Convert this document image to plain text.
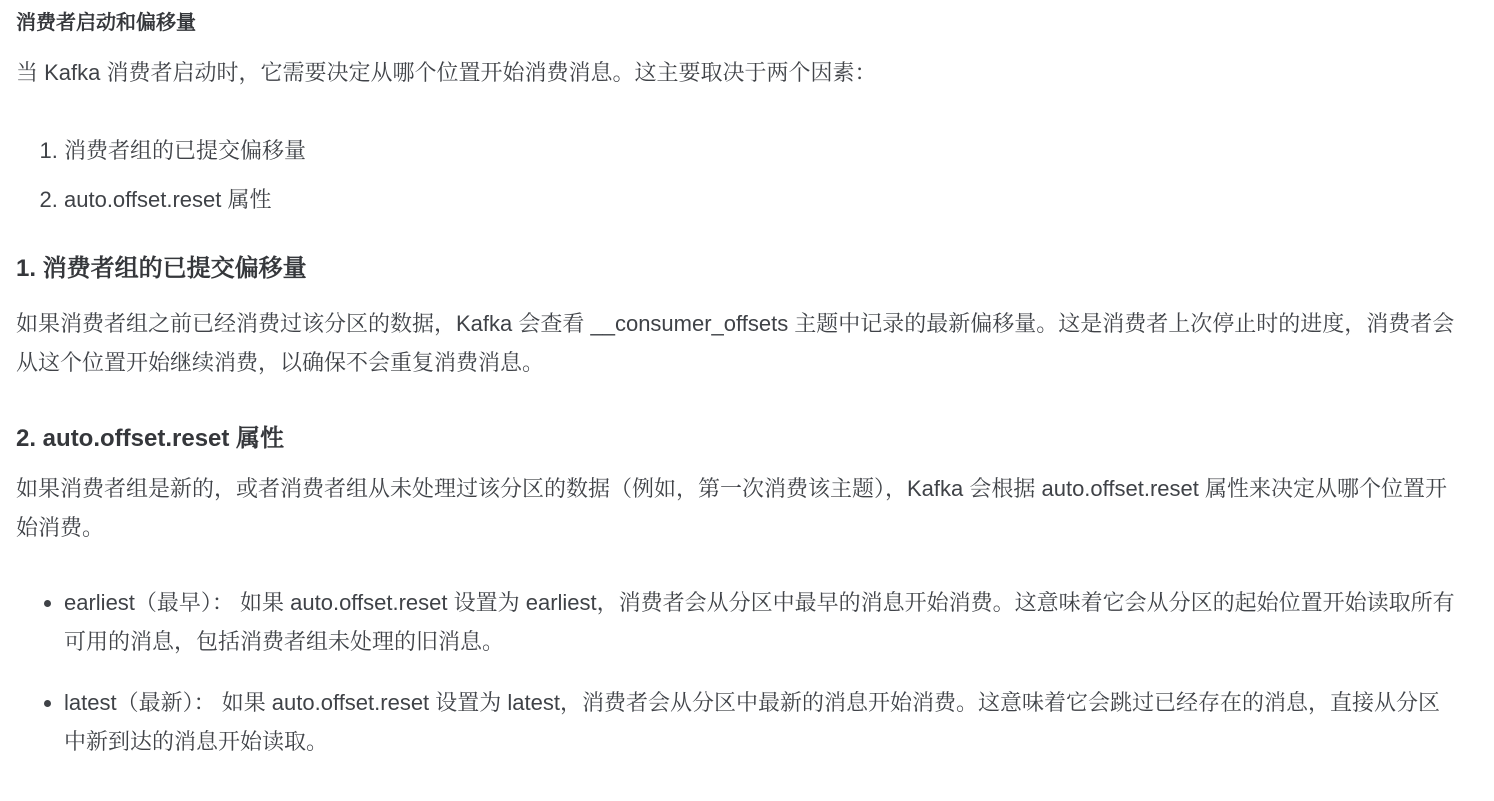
消费者启动和偏移量

当 Kafka 消费者启动时，它需要决定从哪个位置开始消费消息。这主要取决于两个因素：

1. 消费者组的已提交偏移量
2. auto.offset.reset 属性
1. 消费者组的已提交偏移量

如果消费者组之前已经消费过该分区的数据，Kafka 会查看 __consumer_offsets 主题中记录的最新偏移量。这是消费者上次停止时的进度，消费者会从这个位置开始继续消费，以确保不会重复消费消息。

2. auto.offset.reset 属性

如果消费者组是新的，或者消费者组从未处理过该分区的数据（例如，第一次消费该主题），Kafka 会根据 auto.offset.reset 属性来决定从哪个位置开始消费。

• earliest（最早）： 如果 auto.offset.reset 设置为 earliest，消费者会从分区中最早的消息开始消费。这意味着它会从分区的起始位置开始读取所有可用的消息，包括消费者组未处理的旧消息。
• latest（最新）： 如果 auto.offset.reset 设置为 latest，消费者会从分区中最新的消息开始消费。这意味着它会跳过已经存在的消息，直接从分区中新到达的消息开始读取。
